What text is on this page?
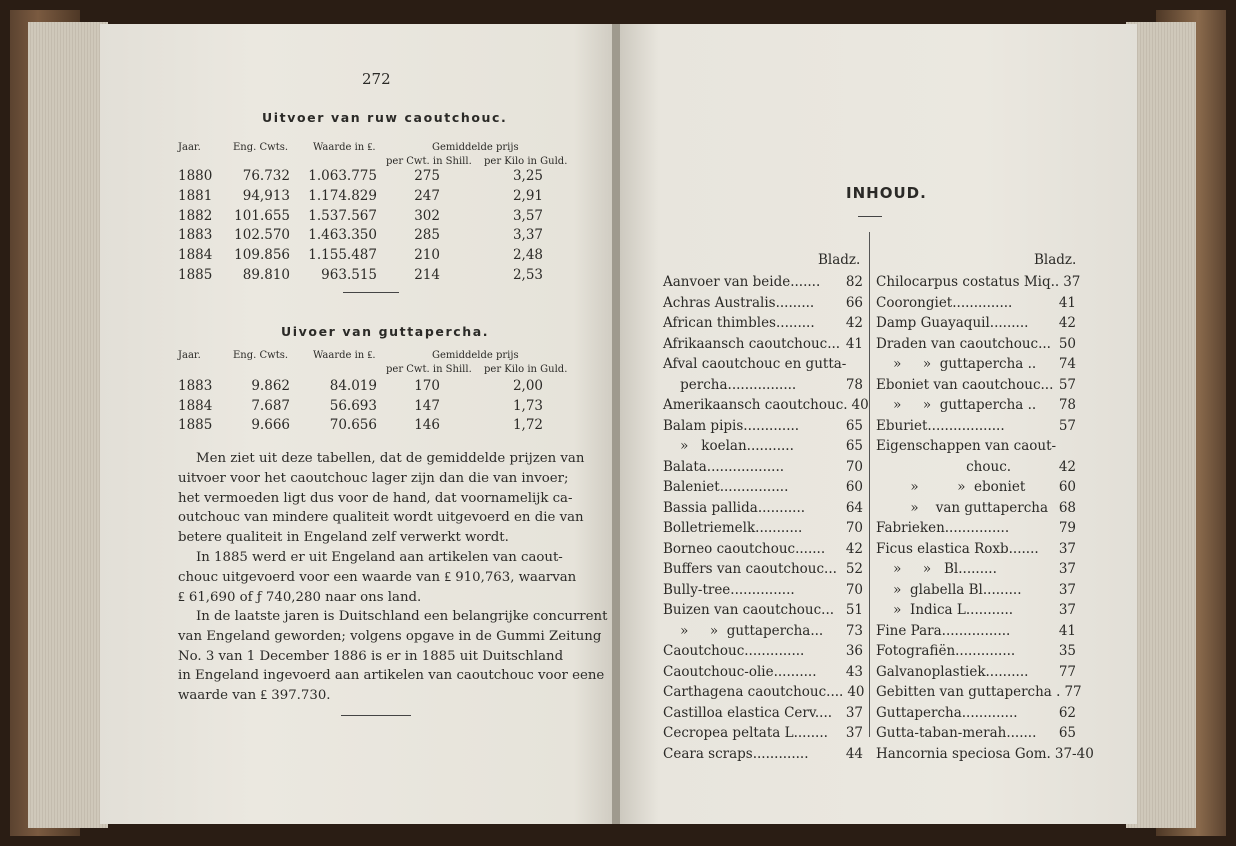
272
Uitvoer van ruw caoutchouc.
Jaar.	Eng. Cwts. Waarde in ₤.	Gemiddelde prijs
per Cwt. in Shill. per Kilo in Guld.
1880	76.732	1.063.775	275	3,25
1881	94,913	1.174.829	247	2,91
1882	101.655	1.537.567	302	3,57
1883	102.570	1.463.350	285	3,37
1884	109.856	1.155.487	210	2,48
1885	89.810	963.515	214	2,53
Uivoer van guttapercha.
Jaar.	Eng. Cwts. Waarde in ₤.	Gemiddelde prijs
per Cwt. in Shill. per Kilo in Guld.
1883	9.862	84.019	170	2,00
1884	7.687	56.693	147	1,73
1885	9.666	70.656	146	1,72
Men ziet uit deze tabellen, dat de gemiddelde prijzen van
uitvoer voor het caoutchouc lager zijn dan die van invoer;
het vermoeden ligt dus voor de hand, dat voornamelijk ca-
outchouc van mindere qualiteit wordt uitgevoerd en die van
betere qualiteit in Engeland zelf verwerkt wordt.
In 1885 werd er uit Engeland aan artikelen van caout-
chouc uitgevoerd voor een waarde van ₤ 910,763, waarvan
₤ 61,690 of ƒ 740,280 naar ons land.
In de laatste jaren is Duitschland een belangrijke concurrent
van Engeland geworden; volgens opgave in de Gummi Zeitung
No. 3 van 1 December 1886 is er in 1885 uit Duitschland
in Engeland ingevoerd aan artikelen van caoutchouc voor eene
waarde van ₤ 397.730.
INHOUD.
Bladz.	Bladz.
Aanvoer van beide.......	82
Achras Australis.........	66
African thimbles.........	42
Afrikaansch caoutchouc... 41
Afval caoutchouc en gutta-
percha................	78
Amerikaansch caoutchouc. 40
Balam pipis.............	65
»   koelan...........	65
Balata..................	70
Baleniet................	60
Bassia pallida...........	64
Bolletriemelk...........	70
Borneo caoutchouc.......	42
Buffers van caoutchouc... 52
Bully-tree...............	70
Buizen van caoutchouc... 51
»     »  guttapercha...	73
Caoutchouc..............	36
Caoutchouc-olie..........	43
Carthagena caoutchouc.... 40
Castilloa elastica Cerv....	37
Cecropea peltata L........	37
Ceara scraps.............	44
Chilocarpus costatus Miq.. 37
Coorongiet..............	41
Damp Guayaquil.........	42
Draden van caoutchouc... 50
»     »  guttapercha ..	74
Eboniet van caoutchouc... 57
»     »  guttapercha ..	78
Eburiet..................	57
Eigenschappen van caout-
chouc.	42
»         »  eboniet	60
»    van guttapercha 68
Fabrieken...............	79
Ficus elastica Roxb.......	37
»     »   Bl.........	37
»  glabella Bl.........	37
»  Indica L...........	37
Fine Para................	41
Fotografiën..............	35
Galvanoplastiek..........	77
Gebitten van guttapercha . 77
Guttapercha.............	62
Gutta-taban-merah.......	65
Hancornia speciosa Gom. 37-40
